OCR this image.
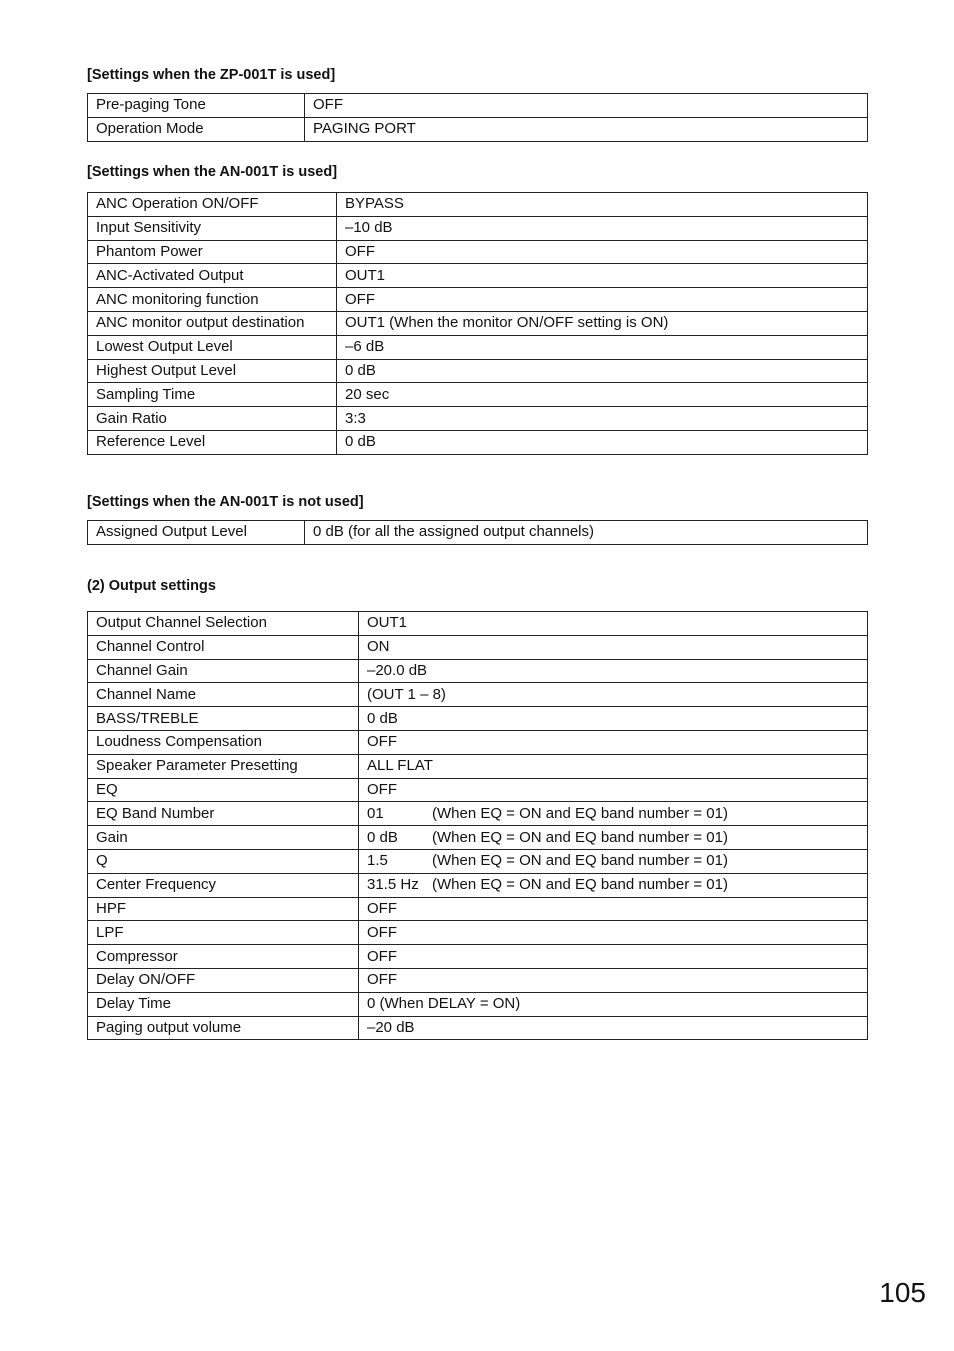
[Settings when the ZP-001T is used]
Pre-paging Tone	OFF
Operation Mode	PAGING PORT
[Settings when the AN-001T is used]
ANC Operation ON/OFF	BYPASS
Input Sensitivity	–10 dB
Phantom Power	OFF
ANC-Activated Output	OUT1
ANC monitoring function	OFF
ANC monitor output destination	OUT1 (When the monitor ON/OFF setting is ON)
Lowest Output Level	–6 dB
Highest Output Level	0 dB
Sampling Time	20 sec
Gain Ratio	3:3
Reference Level	0 dB
[Settings when the AN-001T is not used]
Assigned Output Level	0 dB (for all the assigned output channels)
(2) Output settings
Output Channel Selection	OUT1
Channel Control	ON
Channel Gain	–20.0 dB
Channel Name	(OUT 1 – 8)
BASS/TREBLE	0 dB
Loudness Compensation	OFF
Speaker Parameter Presetting	ALL FLAT
EQ	OFF
EQ Band Number	01 (When EQ = ON and EQ band number = 01)
Gain	0 dB (When EQ = ON and EQ band number = 01)
Q	1.5 (When EQ = ON and EQ band number = 01)
Center Frequency	31.5 Hz (When EQ = ON and EQ band number = 01)
HPF	OFF
LPF	OFF
Compressor	OFF
Delay ON/OFF	OFF
Delay Time	0 (When DELAY = ON)
Paging output volume	–20 dB
105
